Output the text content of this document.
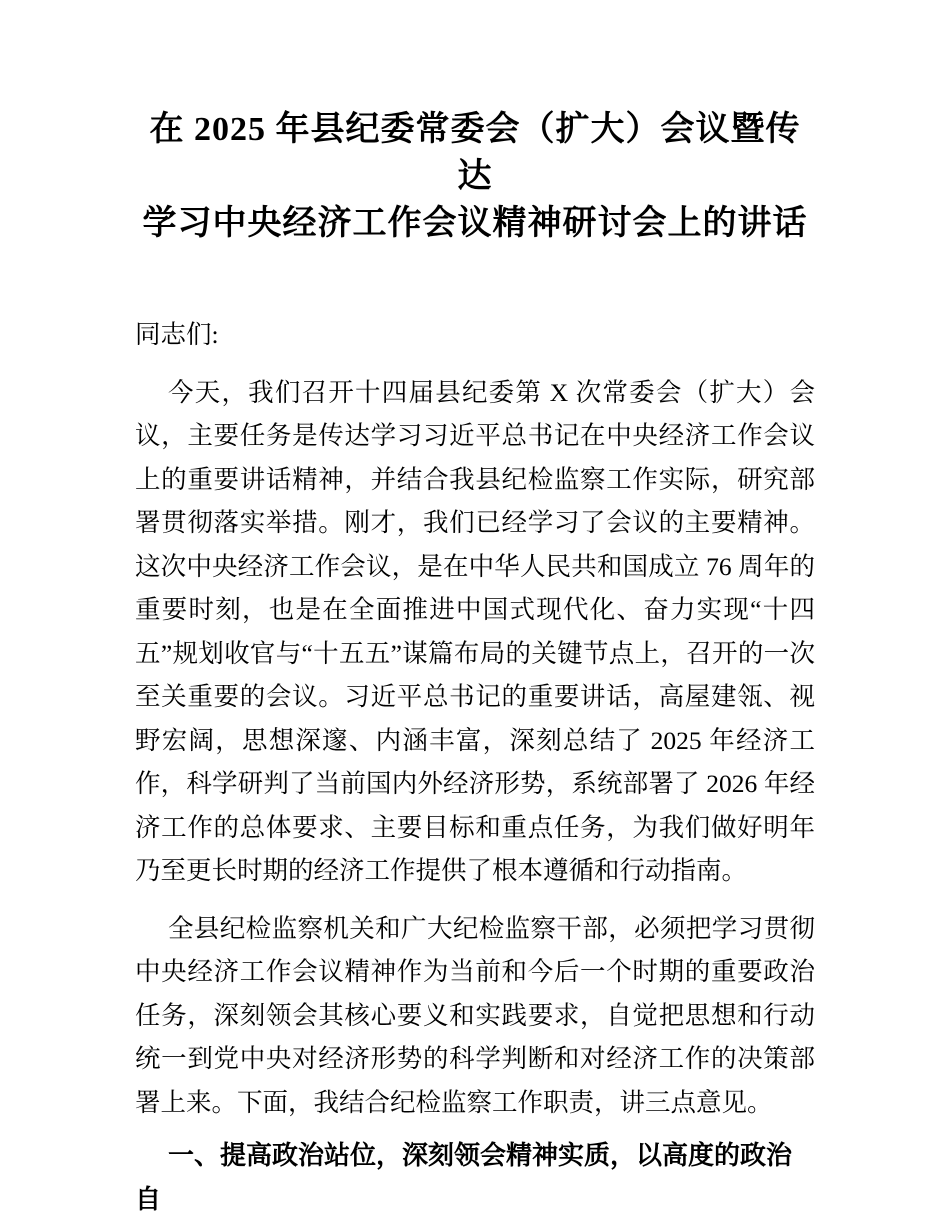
在 2025 年县纪委常委会（扩大）会议暨传达
学习中央经济工作会议精神研讨会上的讲话

同志们:

今天，我们召开十四届县纪委第 X 次常委会（扩大）会议，主要任务是传达学习习近平总书记在中央经济工作会议上的重要讲话精神，并结合我县纪检监察工作实际，研究部署贯彻落实举措。刚才，我们已经学习了会议的主要精神。这次中央经济工作会议，是在中华人民共和国成立 76 周年的重要时刻，也是在全面推进中国式现代化、奋力实现“十四五”规划收官与“十五五”谋篇布局的关键节点上，召开的一次至关重要的会议。习近平总书记的重要讲话，高屋建瓴、视野宏阔，思想深邃、内涵丰富，深刻总结了 2025 年经济工作，科学研判了当前国内外经济形势，系统部署了 2026 年经济工作的总体要求、主要目标和重点任务，为我们做好明年乃至更长时期的经济工作提供了根本遵循和行动指南。

全县纪检监察机关和广大纪检监察干部，必须把学习贯彻中央经济工作会议精神作为当前和今后一个时期的重要政治任务，深刻领会其核心要义和实践要求，自觉把思想和行动统一到党中央对经济形势的科学判断和对经济工作的决策部署上来。下面，我结合纪检监察工作职责，讲三点意见。

一、提高政治站位，深刻领会精神实质，以高度的政治自
